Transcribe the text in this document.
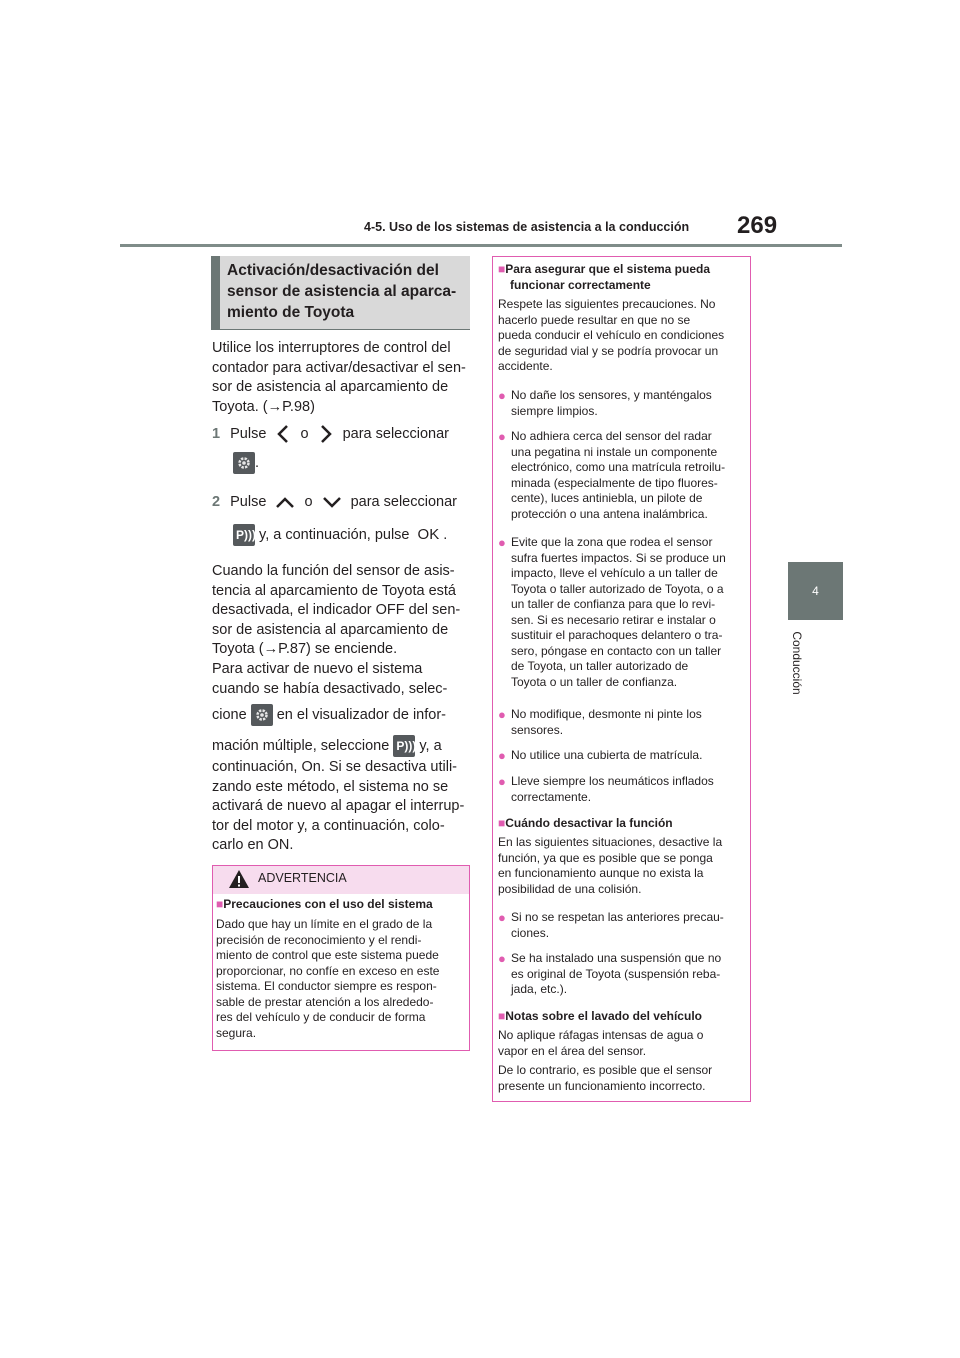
4-5. Uso de los sistemas de asistencia a la conducción 269
4
Conducción
Activación/desactivación del
sensor de asistencia al aparca-
miento de Toyota
Utilice los interruptores de control del
contador para activar/desactivar el sen-
sor de asistencia al aparcamiento de
Toyota. (→P.98)
1 Pulse o para seleccionar
.
2 Pulse	o	para seleccionar
P))) y, a continuación, pulse OK .
Cuando la función del sensor de asis-
tencia al aparcamiento de Toyota está
desactivada, el indicador OFF del sen-
sor de asistencia al aparcamiento de
Toyota (→P.87) se enciende.
Para activar de nuevo el sistema
cuando se había desactivado, selec-
cione en el visualizador de infor-
mación múltiple, seleccione P))) y, a
continuación, On. Si se desactiva utili-
zando este método, el sistema no se
activará de nuevo al apagar el interrup-
tor del motor y, a continuación, colo-
carlo en ON.
ADVERTENCIA
■Precauciones con el uso del sistema
Dado que hay un límite en el grado de la
precisión de reconocimiento y el rendi-
miento de control que este sistema puede
proporcionar, no confíe en exceso en este
sistema. El conductor siempre es respon-
sable de prestar atención a los alrededo-
res del vehículo y de conducir de forma
segura.
■Para asegurar que el sistema pueda
funcionar correctamente
Respete las siguientes precauciones. No
hacerlo puede resultar en que no se
pueda conducir el vehículo en condiciones
de seguridad vial y se podría provocar un
accidente.
● No dañe los sensores, y manténgalos
siempre limpios.
● No adhiera cerca del sensor del radar
una pegatina ni instale un componente
electrónico, como una matrícula retroilu-
minada (especialmente de tipo fluores-
cente), luces antiniebla, un pilote de
protección o una antena inalámbrica.
● Evite que la zona que rodea el sensor
sufra fuertes impactos. Si se produce un
impacto, lleve el vehículo a un taller de
Toyota o taller autorizado de Toyota, o a
un taller de confianza para que lo revi-
sen. Si es necesario retirar e instalar o
sustituir el parachoques delantero o tra-
sero, póngase en contacto con un taller
de Toyota, un taller autorizado de
Toyota o un taller de confianza.
● No modifique, desmonte ni pinte los
sensores.
● No utilice una cubierta de matrícula.
● Lleve siempre los neumáticos inflados
correctamente.
■Cuándo desactivar la función
En las siguientes situaciones, desactive la
función, ya que es posible que se ponga
en funcionamiento aunque no exista la
posibilidad de una colisión.
● Si no se respetan las anteriores precau-
ciones.
● Se ha instalado una suspensión que no
es original de Toyota (suspensión reba-
jada, etc.).
■Notas sobre el lavado del vehículo
No aplique ráfagas intensas de agua o
vapor en el área del sensor.
De lo contrario, es posible que el sensor
presente un funcionamiento incorrecto.
